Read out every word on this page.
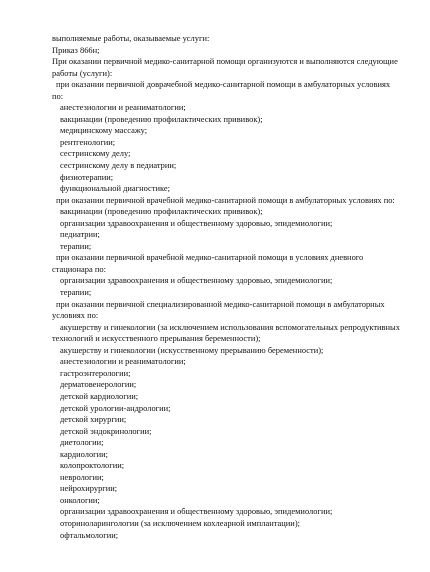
выполняемые работы, оказываемые услуги:

Приказ 866н;

При оказании первичной медико-санитарной помощи организуются и выполняются следующие

работы (услуги):

при оказании первичной доврачебной медико-санитарной помощи в амбулаторных условиях

по:

анестезиологии и реаниматологии;

вакцинации (проведению профилактических прививок);

медицинскому массажу;

рентгенологии;

сестринскому делу;

сестринскому делу в педиатрии;

физиотерапии;

функциональной диагностике;

при оказании первичной врачебной медико-санитарной помощи в амбулаторных условиях по:

вакцинации (проведению профилактических прививок);

организации здравоохранения и общественному здоровью, эпидемиологии;

педиатрии;

терапии;

при оказании первичной врачебной медико-санитарной помощи в условиях дневного

стационара по:

организации здравоохранения и общественному здоровью, эпидемиологии;

терапии;

при оказании первичной специализированной медико-санитарной помощи в амбулаторных

условиях по:

акушерству и гинекологии (за исключением использования вспомогательных репродуктивных

технологий и искусственного прерывания беременности);

акушерству и гинекологии (искусственному прерыванию беременности);

анестезиологии и реаниматологии;

гастроэнтерологии;

дерматовенерологии;

детской кардиологии;

детской урологии-андрологии;

детской хирургии;

детской эндокринологии;

диетологии;

кардиологии;

колопроктологии;

неврологии;

нейрохирургии;

онкологии;

организации здравоохранения и общественному здоровью, эпидемиологии;

оториноларингологии (за исключением кохлеарной имплантации);

офтальмологии;
